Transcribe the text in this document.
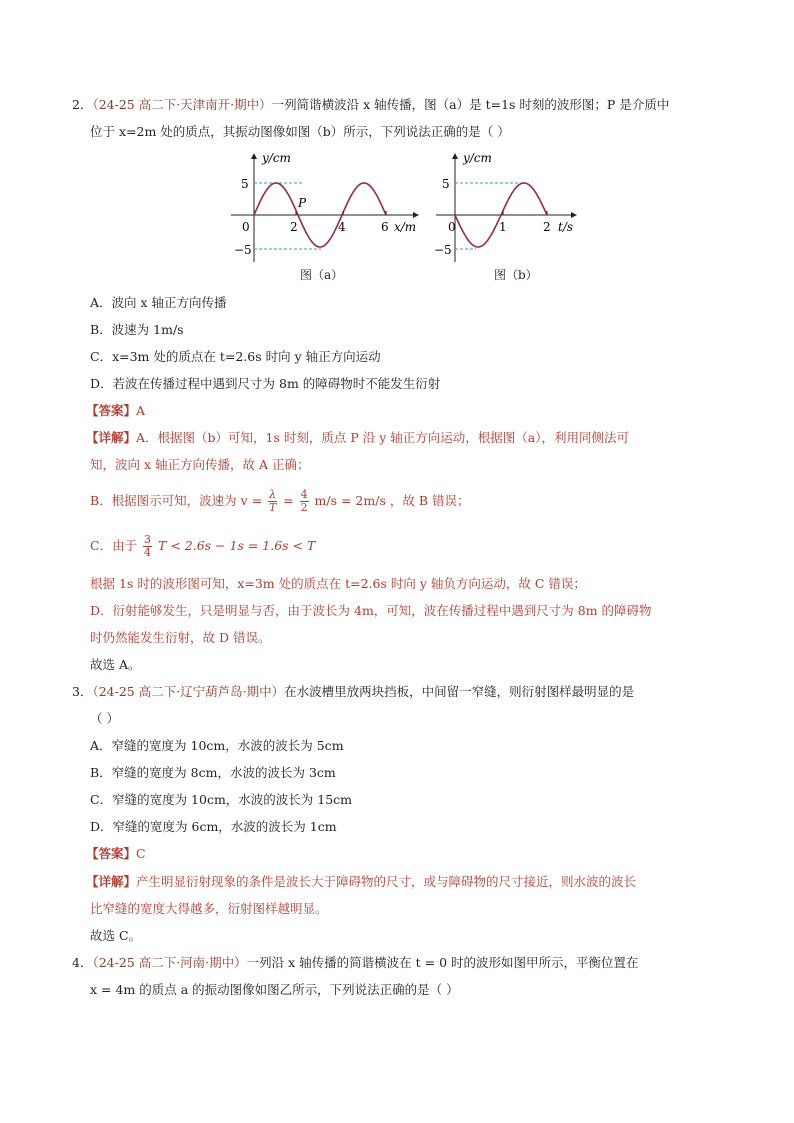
2．（24-25 高二下·天津南开·期中）一列简谐横波沿 x 轴传播，图（a）是 t=1s 时刻的波形图；P 是介质中
位于 x=2m 处的质点，其振动图像如图（b）所示，下列说法正确的是（ ）
y/cm
5
−5
0	2	4	6 x/m
P
图（a）
y/cm
5
−5
0	1	2 t/s
图（b）
A．波向 x 轴正方向传播
B．波速为 1m/s
C．x=3m 处的质点在 t=2.6s 时向 y 轴正方向运动
D．若波在传播过程中遇到尺寸为 8m 的障碍物时不能发生衍射
【答案】A
【详解】A．根据图（b）可知，1s 时刻，质点 P 沿 y 轴正方向运动，根据图（a），利用同侧法可
知，波向 x 轴正方向传播，故 A 正确；
B．根据图示可知，波速为 $v = \frac{\lambda}{T} = \frac{4}{2} m/s = 2m/s$ ，故 B 错误；
C．由于 $\frac{3}{4}$ T < 2.6s − 1s = 1.6s < T
根据 1s 时的波形图可知，x=3m 处的质点在 t=2.6s 时向 y 轴负方向运动，故 C 错误；
D．衍射能够发生，只是明显与否，由于波长为 4m，可知，波在传播过程中遇到尺寸为 8m 的障碍物
时仍然能发生衍射，故 D 错误。
故选 A。
3．（24-25 高二下·辽宁葫芦岛·期中）在水波槽里放两块挡板，中间留一窄缝，则衍射图样最明显的是
（ ）
A．窄缝的宽度为 10cm，水波的波长为 5cm
B．窄缝的宽度为 8cm，水波的波长为 3cm
C．窄缝的宽度为 10cm，水波的波长为 15cm
D．窄缝的宽度为 6cm，水波的波长为 1cm
【答案】C
【详解】产生明显衍射现象的条件是波长大于障碍物的尺寸，或与障碍物的尺寸接近，则水波的波长
比窄缝的宽度大得越多，衍射图样越明显。
故选 C。
4．（24-25 高二下·河南·期中）一列沿 x 轴传播的简谐横波在 t = 0 时的波形如图甲所示，平衡位置在
x = 4m 的质点 a 的振动图像如图乙所示，下列说法正确的是（ ）
